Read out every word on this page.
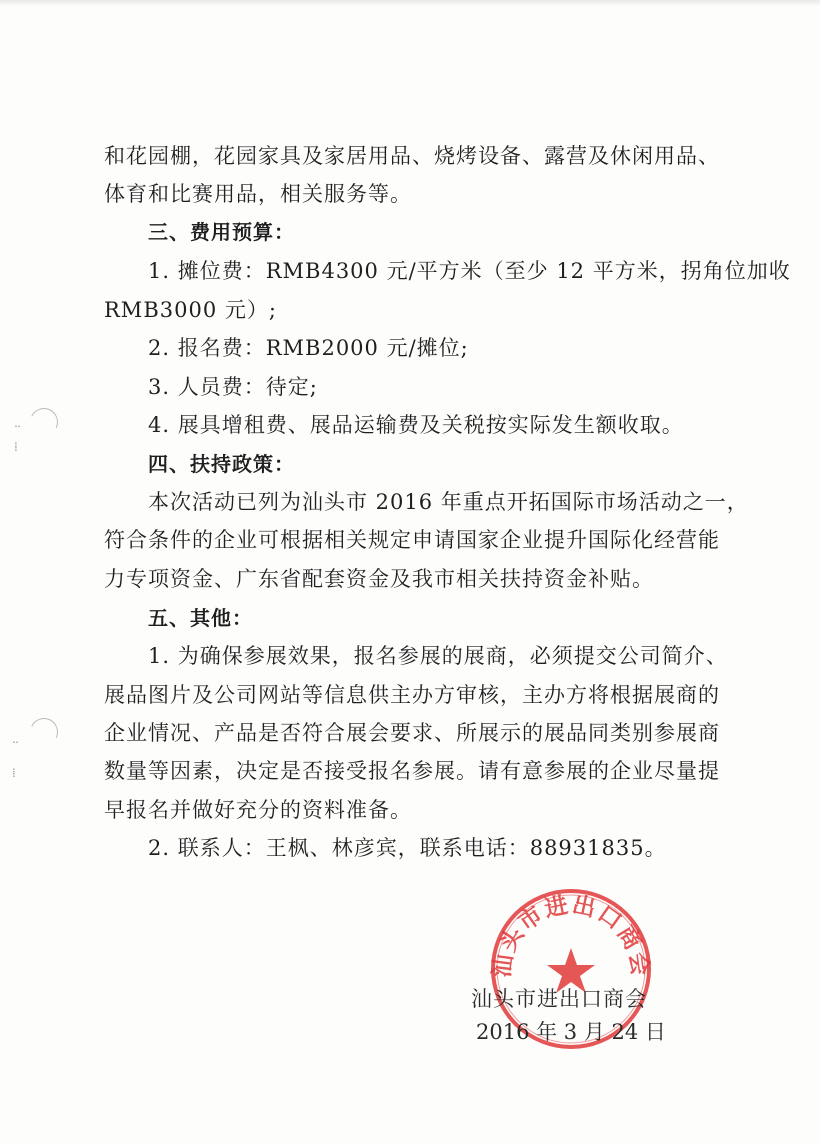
᠃
⁞
᠃
⁞
和花园棚，花园家具及家居用品、烧烤设备、露营及休闲用品、
体育和比赛用品，相关服务等。
三、费用预算：
1. 摊位费：RMB4300 元/平方米（至少 12 平方米，拐角位加收
RMB3000 元）;
2. 报名费：RMB2000 元/摊位;
3. 人员费：待定;
4. 展具增租费、展品运输费及关税按实际发生额收取。
四、扶持政策：
本次活动已列为汕头市 2016 年重点开拓国际市场活动之一，
符合条件的企业可根据相关规定申请国家企业提升国际化经营能
力专项资金、广东省配套资金及我市相关扶持资金补贴。
五、其他：
1. 为确保参展效果，报名参展的展商，必须提交公司简介、
展品图片及公司网站等信息供主办方审核，主办方将根据展商的
企业情况、产品是否符合展会要求、所展示的展品同类别参展商
数量等因素，决定是否接受报名参展。请有意参展的企业尽量提
早报名并做好充分的资料准备。
2. 联系人：王枫、林彦宾，联系电话：88931835。
汕头市进出口商会
汕头市进出口商会
2016 年 3 月 24 日
